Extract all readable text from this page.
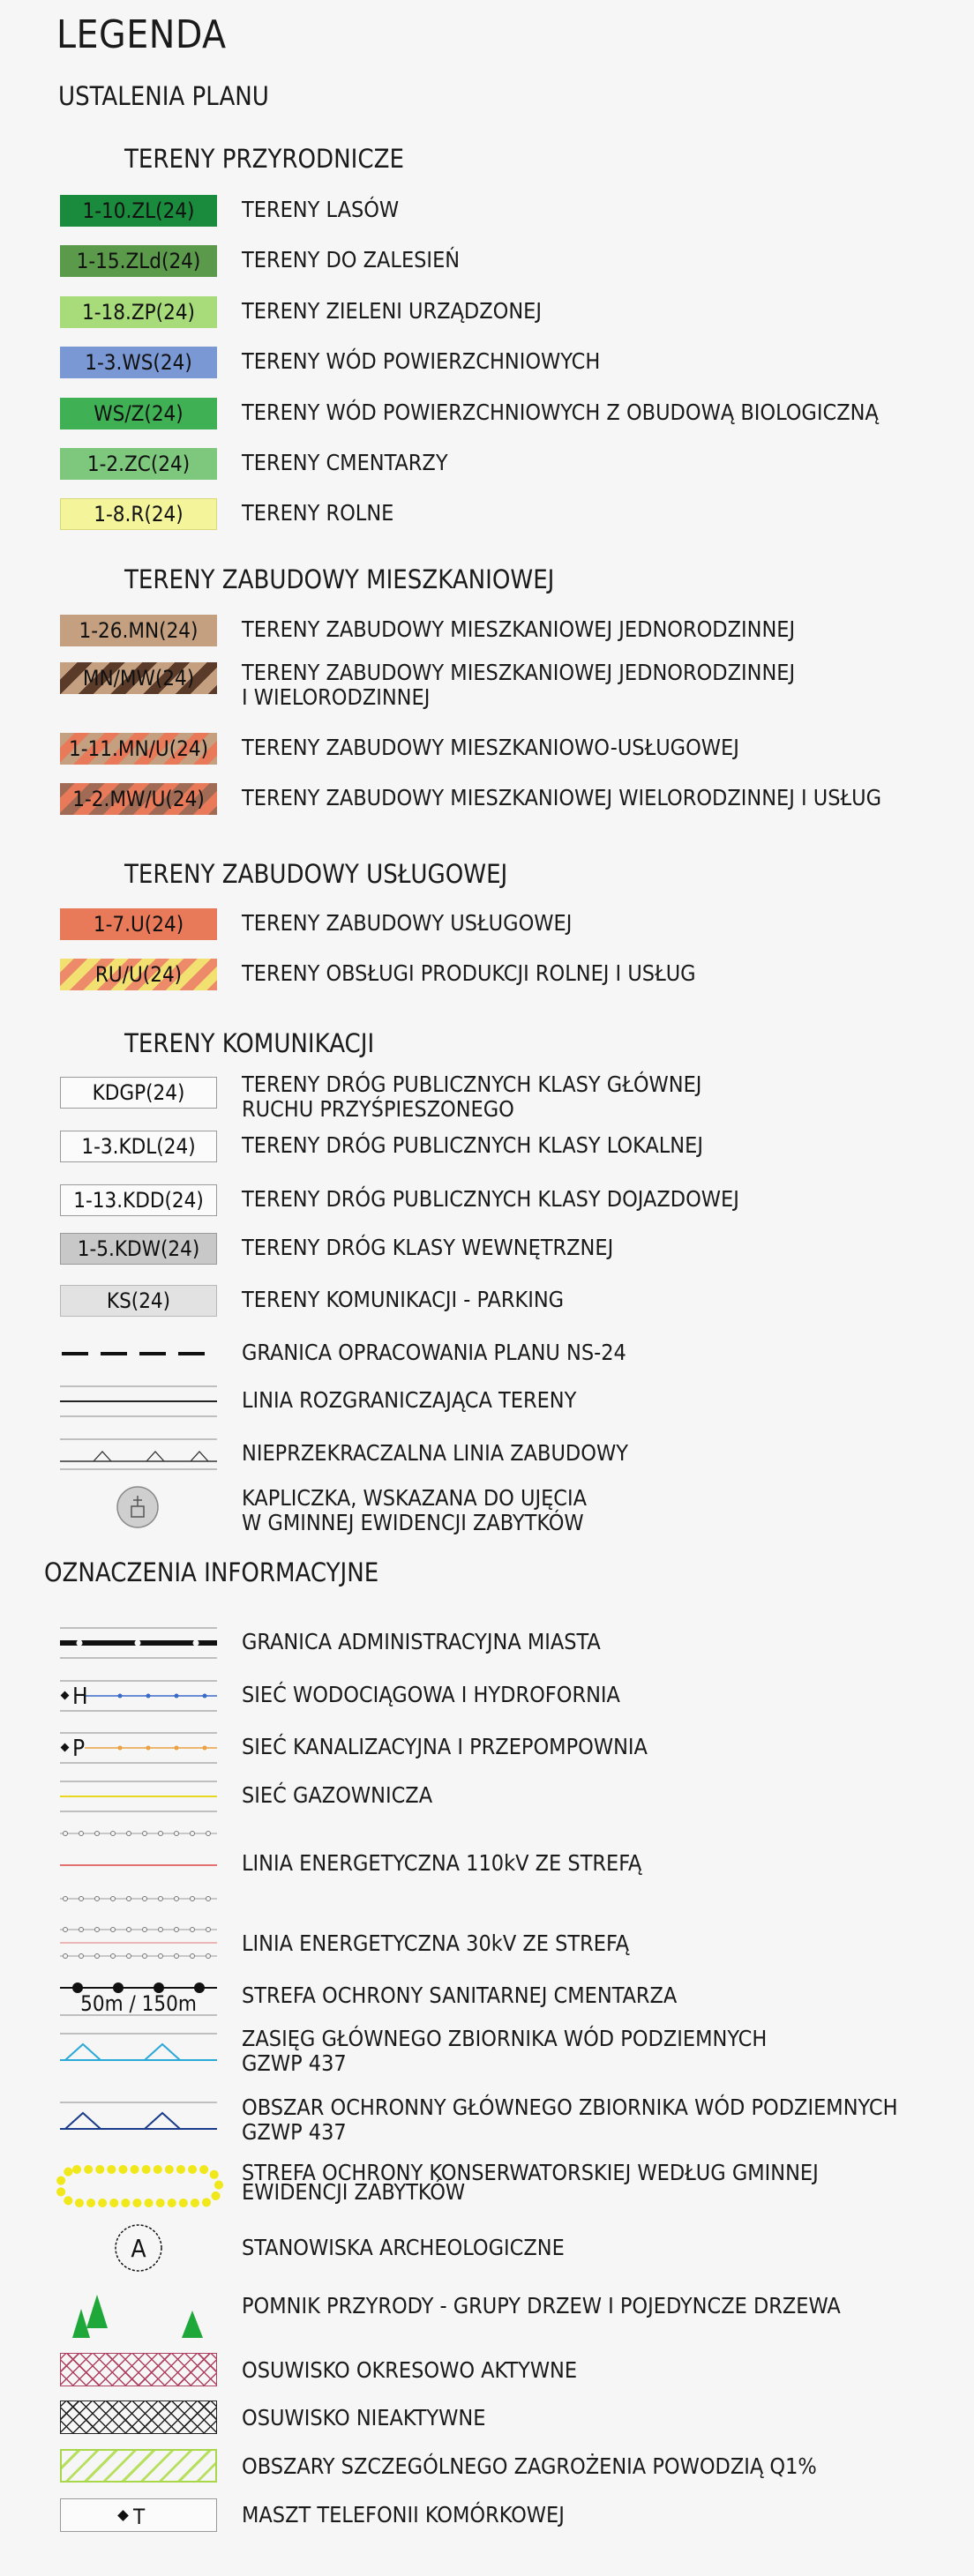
LEGENDA
USTALENIA PLANU
TERENY PRZYRODNICZE
1-10.ZL(24)	TERENY LASÓW
1-15.ZLd(24)	TERENY DO ZALESIEŃ
1-18.ZP(24)	TERENY ZIELENI URZĄDZONEJ
1-3.WS(24)	TERENY WÓD POWIERZCHNIOWYCH
WS/Z(24)	TERENY WÓD POWIERZCHNIOWYCH Z OBUDOWĄ BIOLOGICZNĄ
1-2.ZC(24)	TERENY CMENTARZY
1-8.R(24)	TERENY ROLNE
TERENY ZABUDOWY MIESZKANIOWEJ
1-26.MN(24)	TERENY ZABUDOWY MIESZKANIOWEJ JEDNORODZINNEJ
MN/MW(24)	TERENY ZABUDOWY MIESZKANIOWEJ JEDNORODZINNEJ
I WIELORODZINNEJ
1-11.MN/U(24)	TERENY ZABUDOWY MIESZKANIOWO-USŁUGOWEJ
1-2.MW/U(24)	TERENY ZABUDOWY MIESZKANIOWEJ WIELORODZINNEJ I USŁUG
TERENY ZABUDOWY USŁUGOWEJ
1-7.U(24)	TERENY ZABUDOWY USŁUGOWEJ
RU/U(24)	TERENY OBSŁUGI PRODUKCJI ROLNEJ I USŁUG
TERENY KOMUNIKACJI
KDGP(24)	TERENY DRÓG PUBLICZNYCH KLASY GŁÓWNEJ
RUCHU PRZYŚPIESZONEGO
1-3.KDL(24)	TERENY DRÓG PUBLICZNYCH KLASY LOKALNEJ
1-13.KDD(24)	TERENY DRÓG PUBLICZNYCH KLASY DOJAZDOWEJ
1-5.KDW(24)	TERENY DRÓG KLASY WEWNĘTRZNEJ
KS(24)	TERENY KOMUNIKACJI - PARKING
GRANICA OPRACOWANIA PLANU NS-24
LINIA ROZGRANICZAJĄCA TERENY
NIEPRZEKRACZALNA LINIA ZABUDOWY
KAPLICZKA, WSKAZANA DO UJĘCIA
W GMINNEJ EWIDENCJI ZABYTKÓW
OZNACZENIA INFORMACYJNE
GRANICA ADMINISTRACYJNA MIASTA
H	SIEĆ WODOCIĄGOWA I HYDROFORNIA
P	SIEĆ KANALIZACYJNA I PRZEPOMPOWNIA
SIEĆ GAZOWNICZA
LINIA ENERGETYCZNA 110kV ZE STREFĄ
LINIA ENERGETYCZNA 30kV ZE STREFĄ
50m / 150m	STREFA OCHRONY SANITARNEJ CMENTARZA
ZASIĘG GŁÓWNEGO ZBIORNIKA WÓD PODZIEMNYCH
GZWP 437
OBSZAR OCHRONNY GŁÓWNEGO ZBIORNIKA WÓD PODZIEMNYCH
GZWP 437
STREFA OCHRONY KONSERWATORSKIEJ WEDŁUG GMINNEJ
EWIDENCJI ZABYTKÓW
A	STANOWISKA ARCHEOLOGICZNE
POMNIK PRZYRODY - GRUPY DRZEW I POJEDYNCZE DRZEWA
OSUWISKO OKRESOWO AKTYWNE
OSUWISKO NIEAKTYWNE
OBSZARY SZCZEGÓLNEGO ZAGROŻENIA POWODZIĄ Q1%
T	MASZT TELEFONII KOMÓRKOWEJ
